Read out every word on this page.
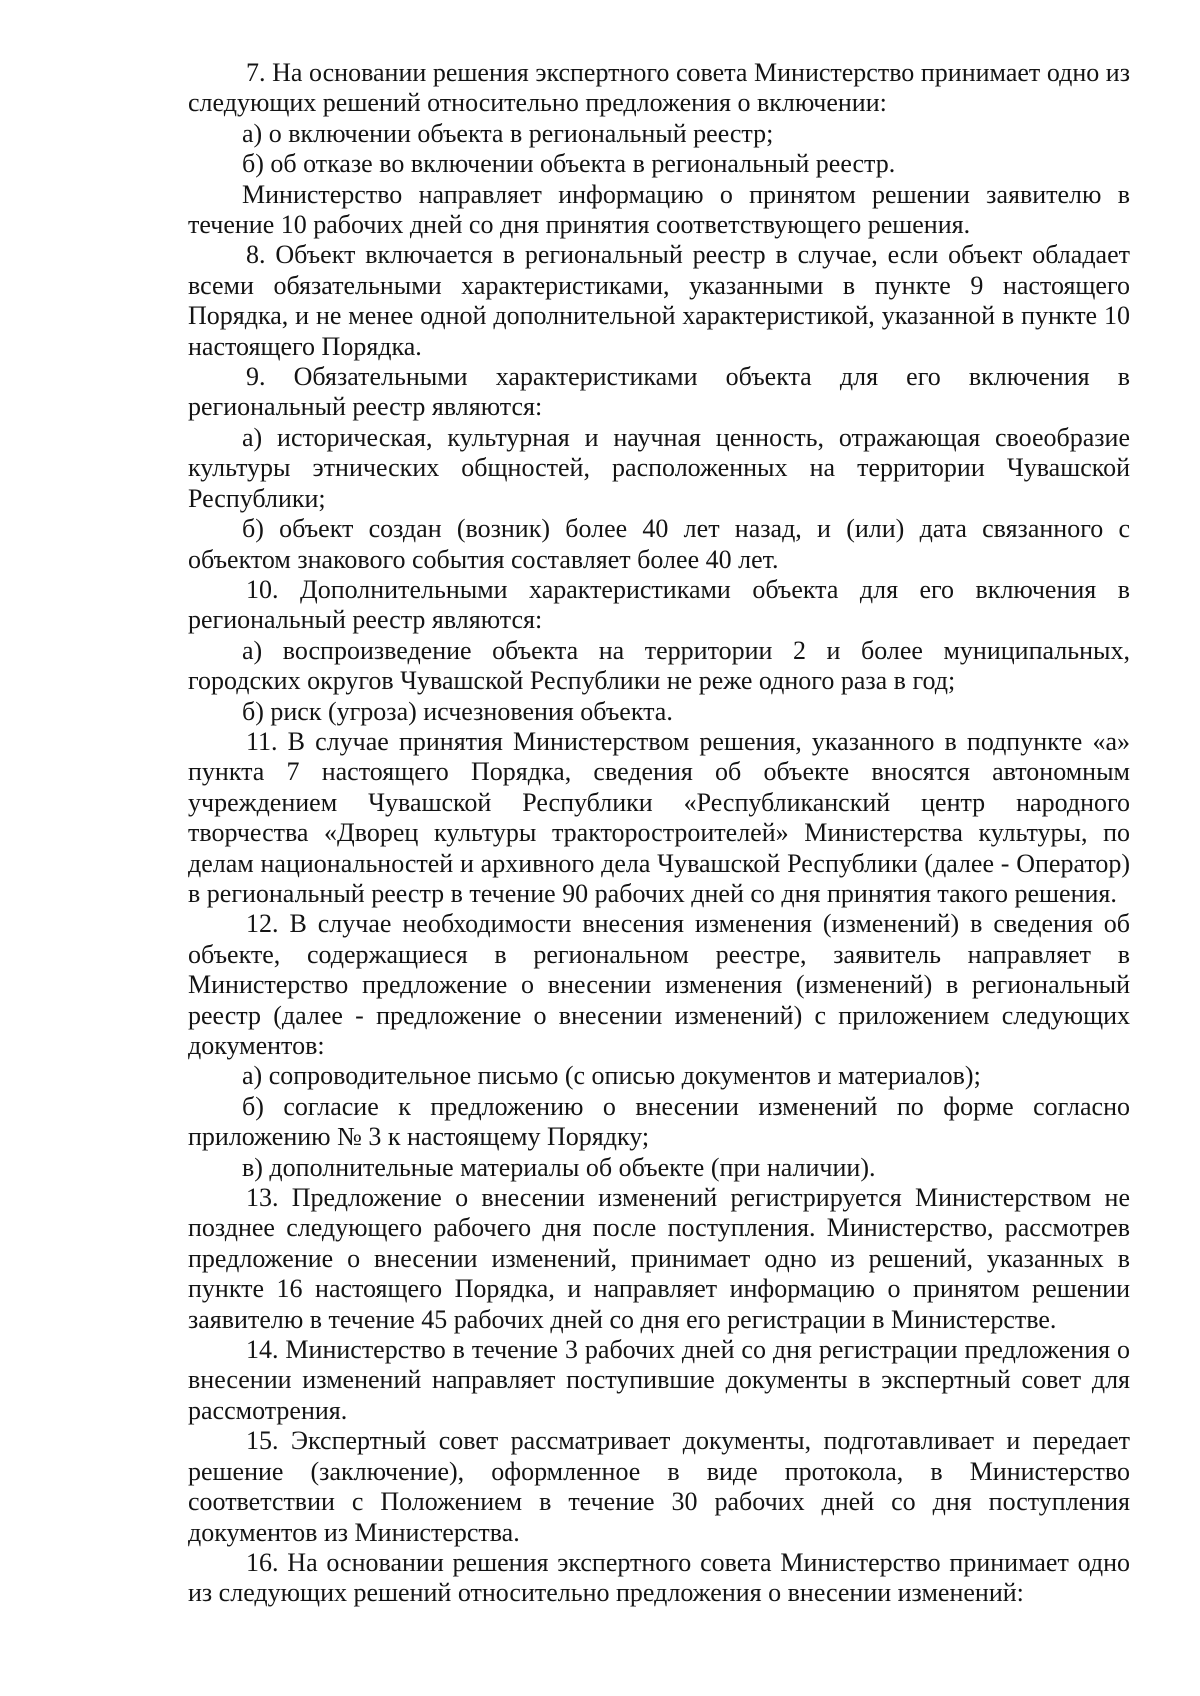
7. На основании решения экспертного совета Министерство принимает одно из следующих решений относительно предложения о включении:

а) о включении объекта в региональный реестр;

б) об отказе во включении объекта в региональный реестр.

Министерство направляет информацию о принятом решении заявителю в течение 10 рабочих дней со дня принятия соответствующего решения.

8. Объект включается в региональный реестр в случае, если объект обладает всеми обязательными характеристиками, указанными в пункте 9 настоящего Порядка, и не менее одной дополнительной характеристикой, указанной в пункте 10 настоящего Порядка.

9. Обязательными характеристиками объекта для его включения в региональный реестр являются:

а) историческая, культурная и научная ценность, отражающая своеобразие культуры этнических общностей, расположенных на территории Чувашской Республики;

б) объект создан (возник) более 40 лет назад, и (или) дата связанного с объектом знакового события составляет более 40 лет.

10. Дополнительными характеристиками объекта для его включения в региональный реестр являются:

а) воспроизведение объекта на территории 2 и более муниципальных, городских округов Чувашской Республики не реже одного раза в год;

б) риск (угроза) исчезновения объекта.

11. В случае принятия Министерством решения, указанного в подпункте «а» пункта 7 настоящего Порядка, сведения об объекте вносятся автономным учреждением Чувашской Республики «Республиканский центр народного творчества «Дворец культуры тракторостроителей» Министерства культуры, по делам национальностей и архивного дела Чувашской Республики (далее - Оператор) в региональный реестр в течение 90 рабочих дней со дня принятия такого решения.

12. В случае необходимости внесения изменения (изменений) в сведения об объекте, содержащиеся в региональном реестре, заявитель направляет в Министерство предложение о внесении изменения (изменений) в региональный реестр (далее - предложение о внесении изменений) с приложением следующих документов:

а) сопроводительное письмо (с описью документов и материалов);

б) согласие к предложению о внесении изменений по форме согласно приложению № 3 к настоящему Порядку;

в) дополнительные материалы об объекте (при наличии).

13. Предложение о внесении изменений регистрируется Министерством не позднее следующего рабочего дня после поступления. Министерство, рассмотрев предложение о внесении изменений, принимает одно из решений, указанных в пункте 16 настоящего Порядка, и направляет информацию о принятом решении заявителю в течение 45 рабочих дней со дня его регистрации в Министерстве.

14. Министерство в течение 3 рабочих дней со дня регистрации предложения о внесении изменений направляет поступившие документы в экспертный совет для рассмотрения.

15. Экспертный совет рассматривает документы, подготавливает и передает решение (заключение), оформленное в виде протокола, в Министерство соответствии с Положением в течение 30 рабочих дней со дня поступления документов из Министерства.

16. На основании решения экспертного совета Министерство принимает одно из следующих решений относительно предложения о внесении изменений:
